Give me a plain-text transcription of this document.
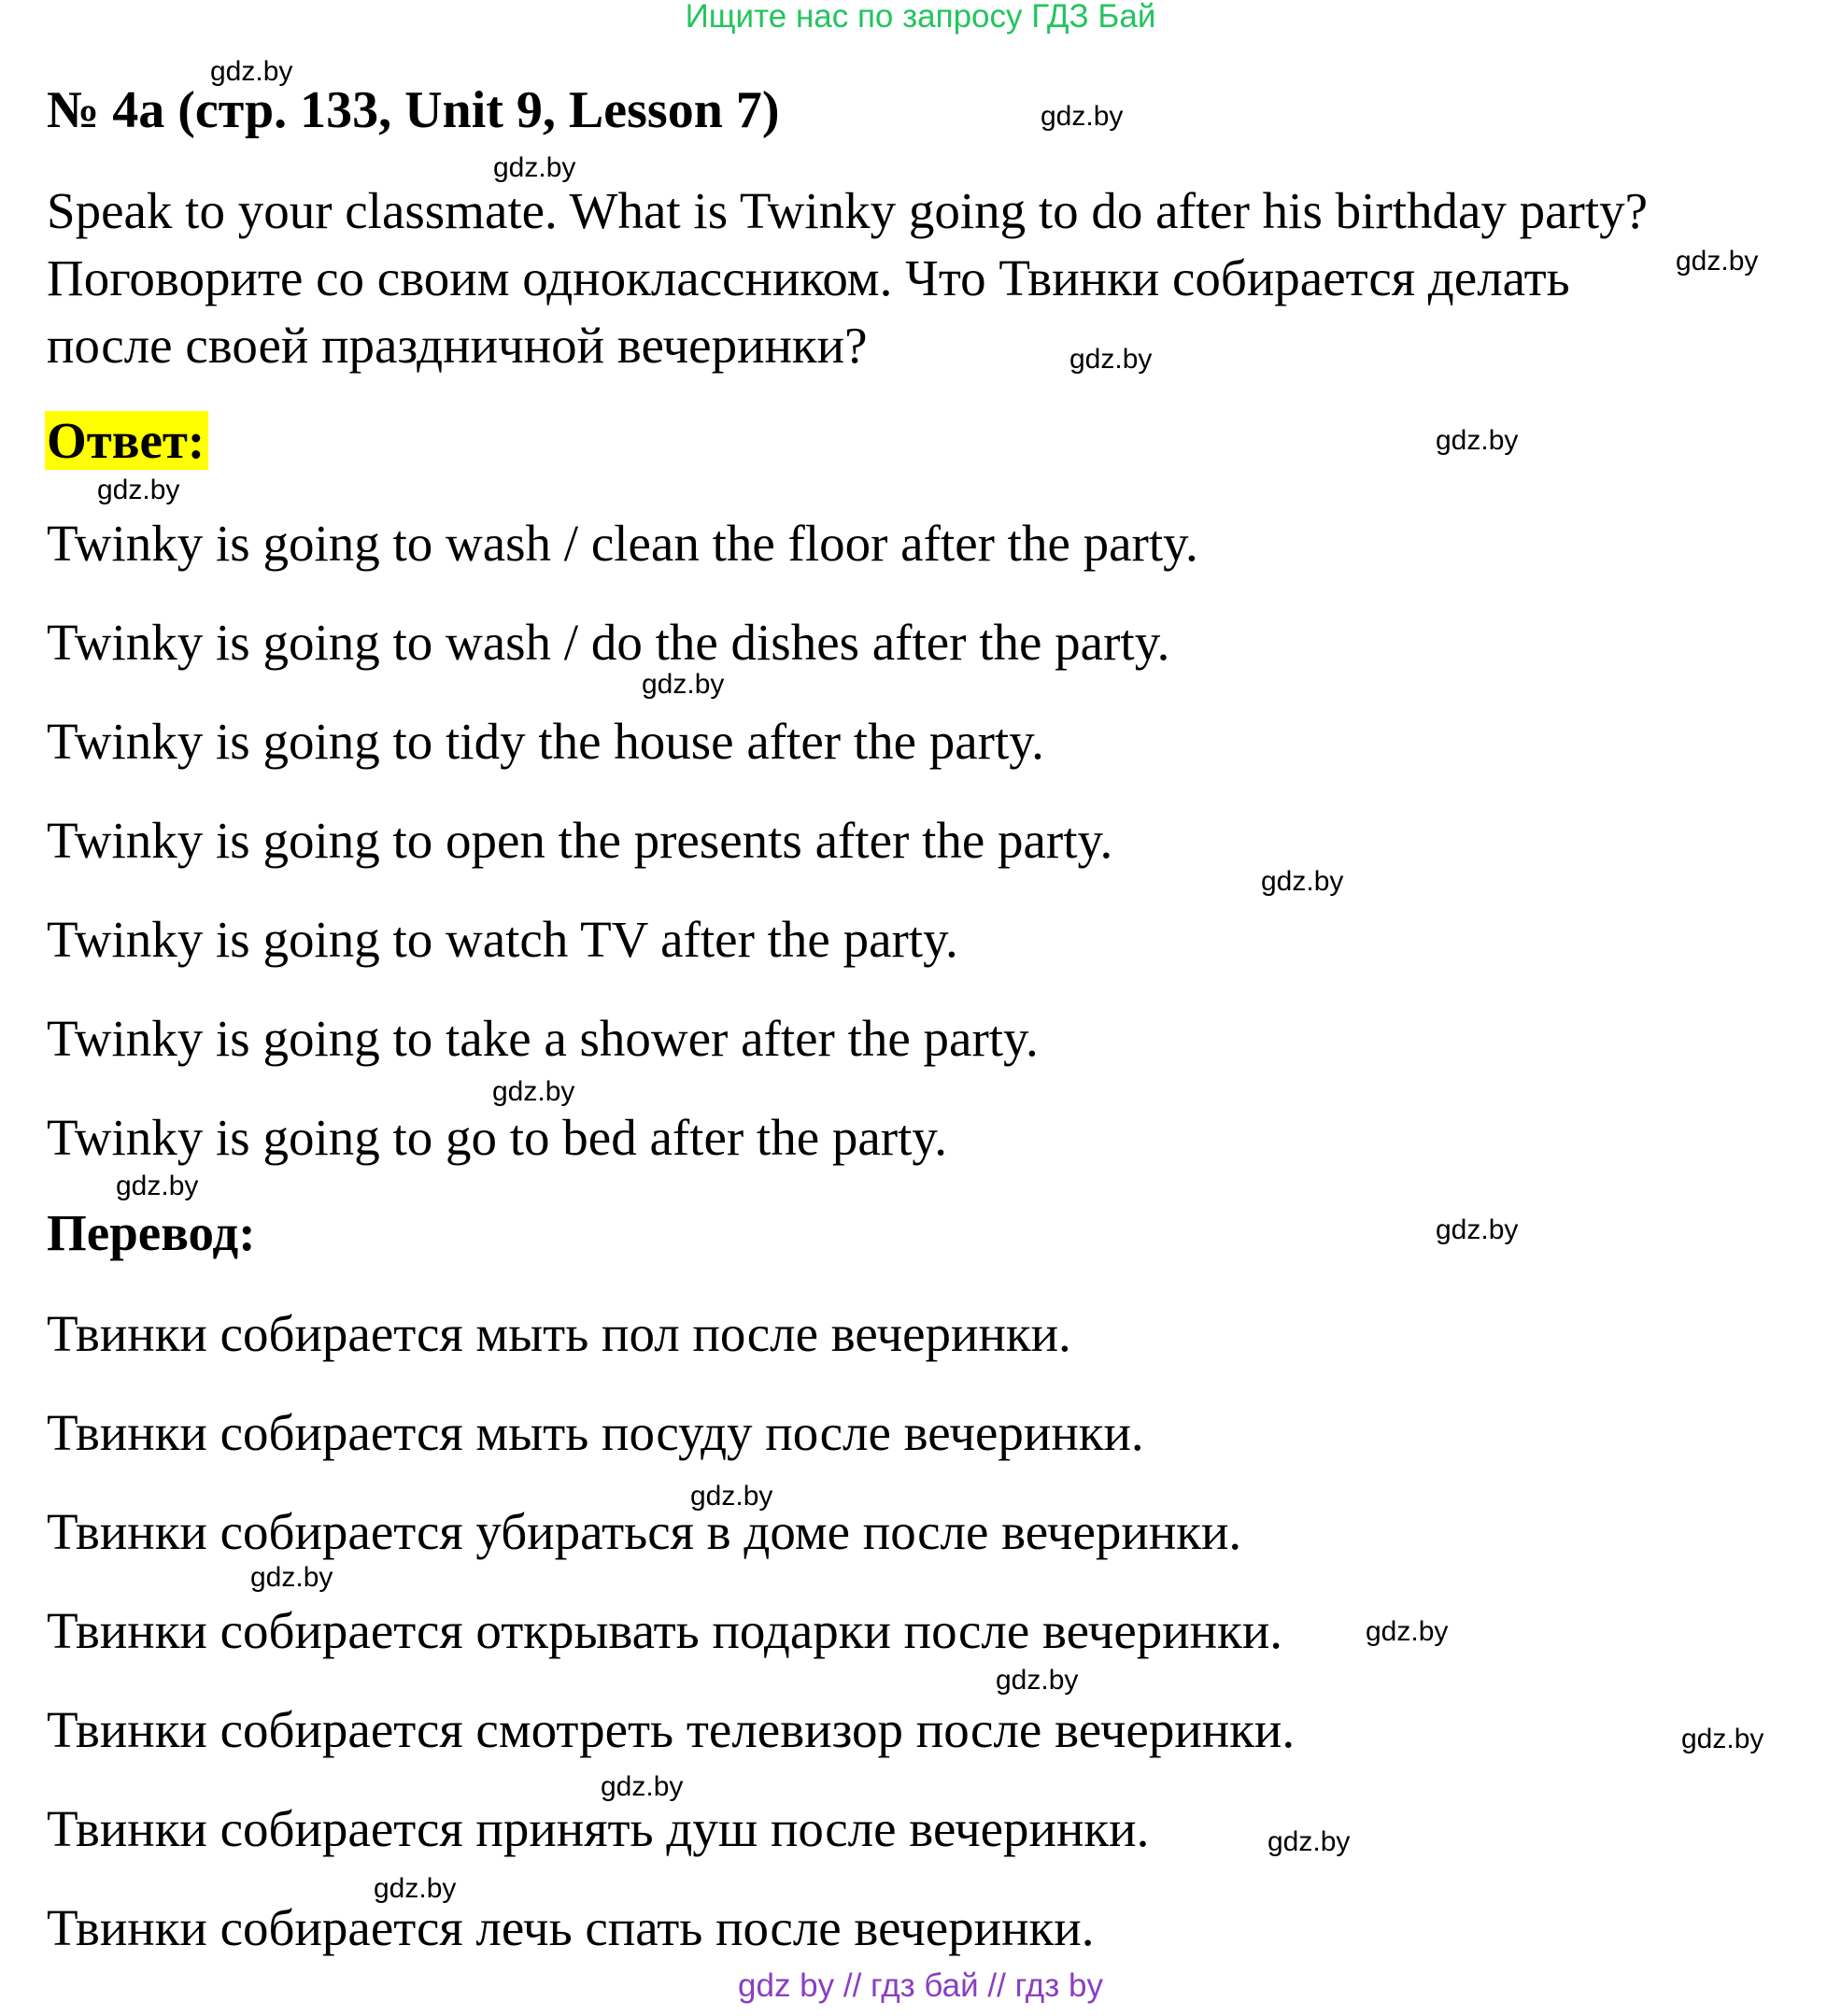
Ищите нас по запросу ГДЗ Бай
№ 4a (стр. 133, Unit 9, Lesson 7)
Speak to your classmate. What is Twinky going to do after his birthday party?
Поговорите со своим одноклассником. Что Твинки собирается делать
после своей праздничной вечеринки?
Ответ:
Twinky is going to wash / clean the floor after the party.
Twinky is going to wash / do the dishes after the party.
Twinky is going to tidy the house after the party.
Twinky is going to open the presents after the party.
Twinky is going to watch TV after the party.
Twinky is going to take a shower after the party.
Twinky is going to go to bed after the party.
Перевод:
Твинки собирается мыть пол после вечеринки.
Твинки собирается мыть посуду после вечеринки.
Твинки собирается убираться в доме после вечеринки.
Твинки собирается открывать подарки после вечеринки.
Твинки собирается смотреть телевизор после вечеринки.
Твинки собирается принять душ после вечеринки.
Твинки собирается лечь спать после вечеринки.
gdz.by
gdz.by
gdz.by
gdz.by
gdz.by
gdz.by
gdz.by
gdz.by
gdz.by
gdz.by
gdz.by
gdz.by
gdz.by
gdz.by
gdz.by
gdz.by
gdz.by
gdz.by
gdz.by
gdz.by
gdz by // гдз бай // гдз by
